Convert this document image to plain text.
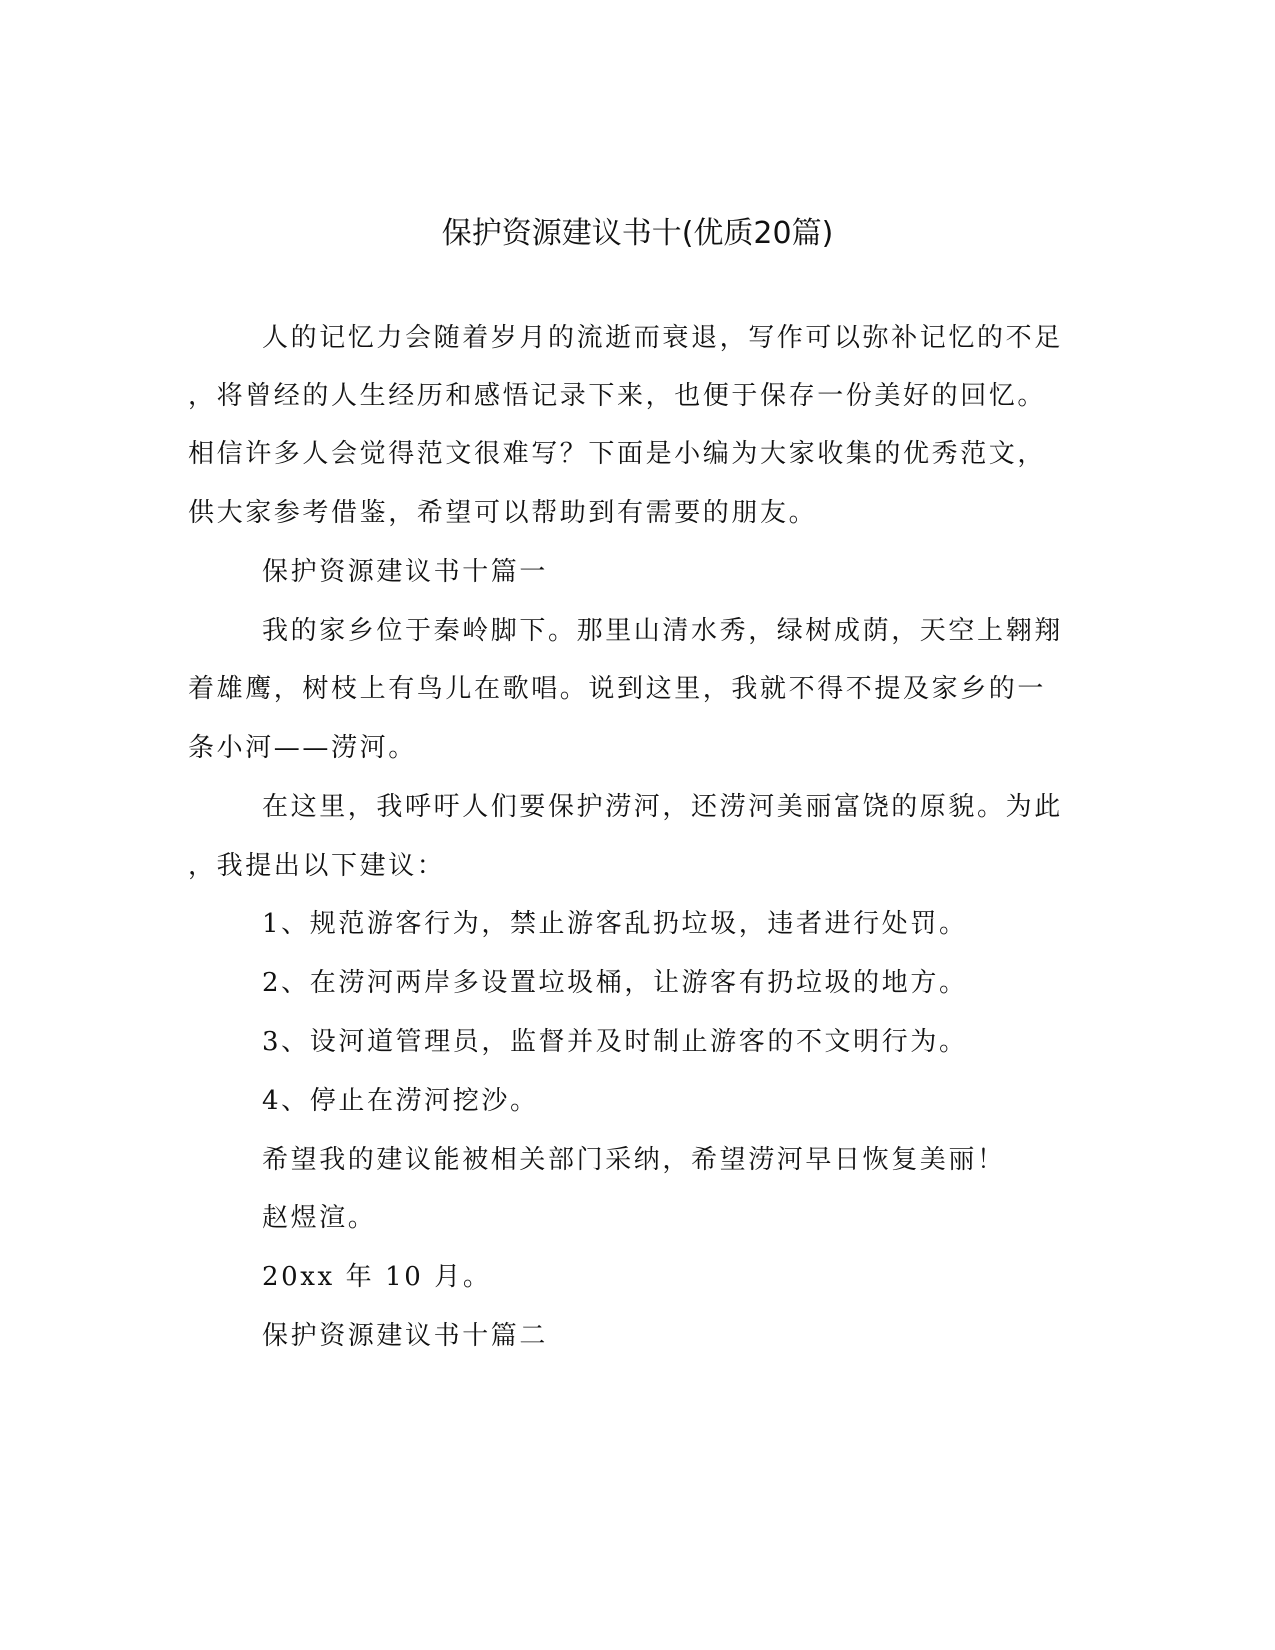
保护资源建议书十(优质20篇)
人的记忆力会随着岁月的流逝而衰退，写作可以弥补记忆的不足
，将曾经的人生经历和感悟记录下来，也便于保存一份美好的回忆。
相信许多人会觉得范文很难写？下面是小编为大家收集的优秀范文，
供大家参考借鉴，希望可以帮助到有需要的朋友。
保护资源建议书十篇一
我的家乡位于秦岭脚下。那里山清水秀，绿树成荫，天空上翱翔
着雄鹰，树枝上有鸟儿在歌唱。说到这里，我就不得不提及家乡的一
条小河——涝河。
在这里，我呼吁人们要保护涝河，还涝河美丽富饶的原貌。为此
，我提出以下建议：
1、规范游客行为，禁止游客乱扔垃圾，违者进行处罚。
2、在涝河两岸多设置垃圾桶，让游客有扔垃圾的地方。
3、设河道管理员，监督并及时制止游客的不文明行为。
4、停止在涝河挖沙。
希望我的建议能被相关部门采纳，希望涝河早日恢复美丽！
赵煜渲。
20xx 年 10 月。
保护资源建议书十篇二
